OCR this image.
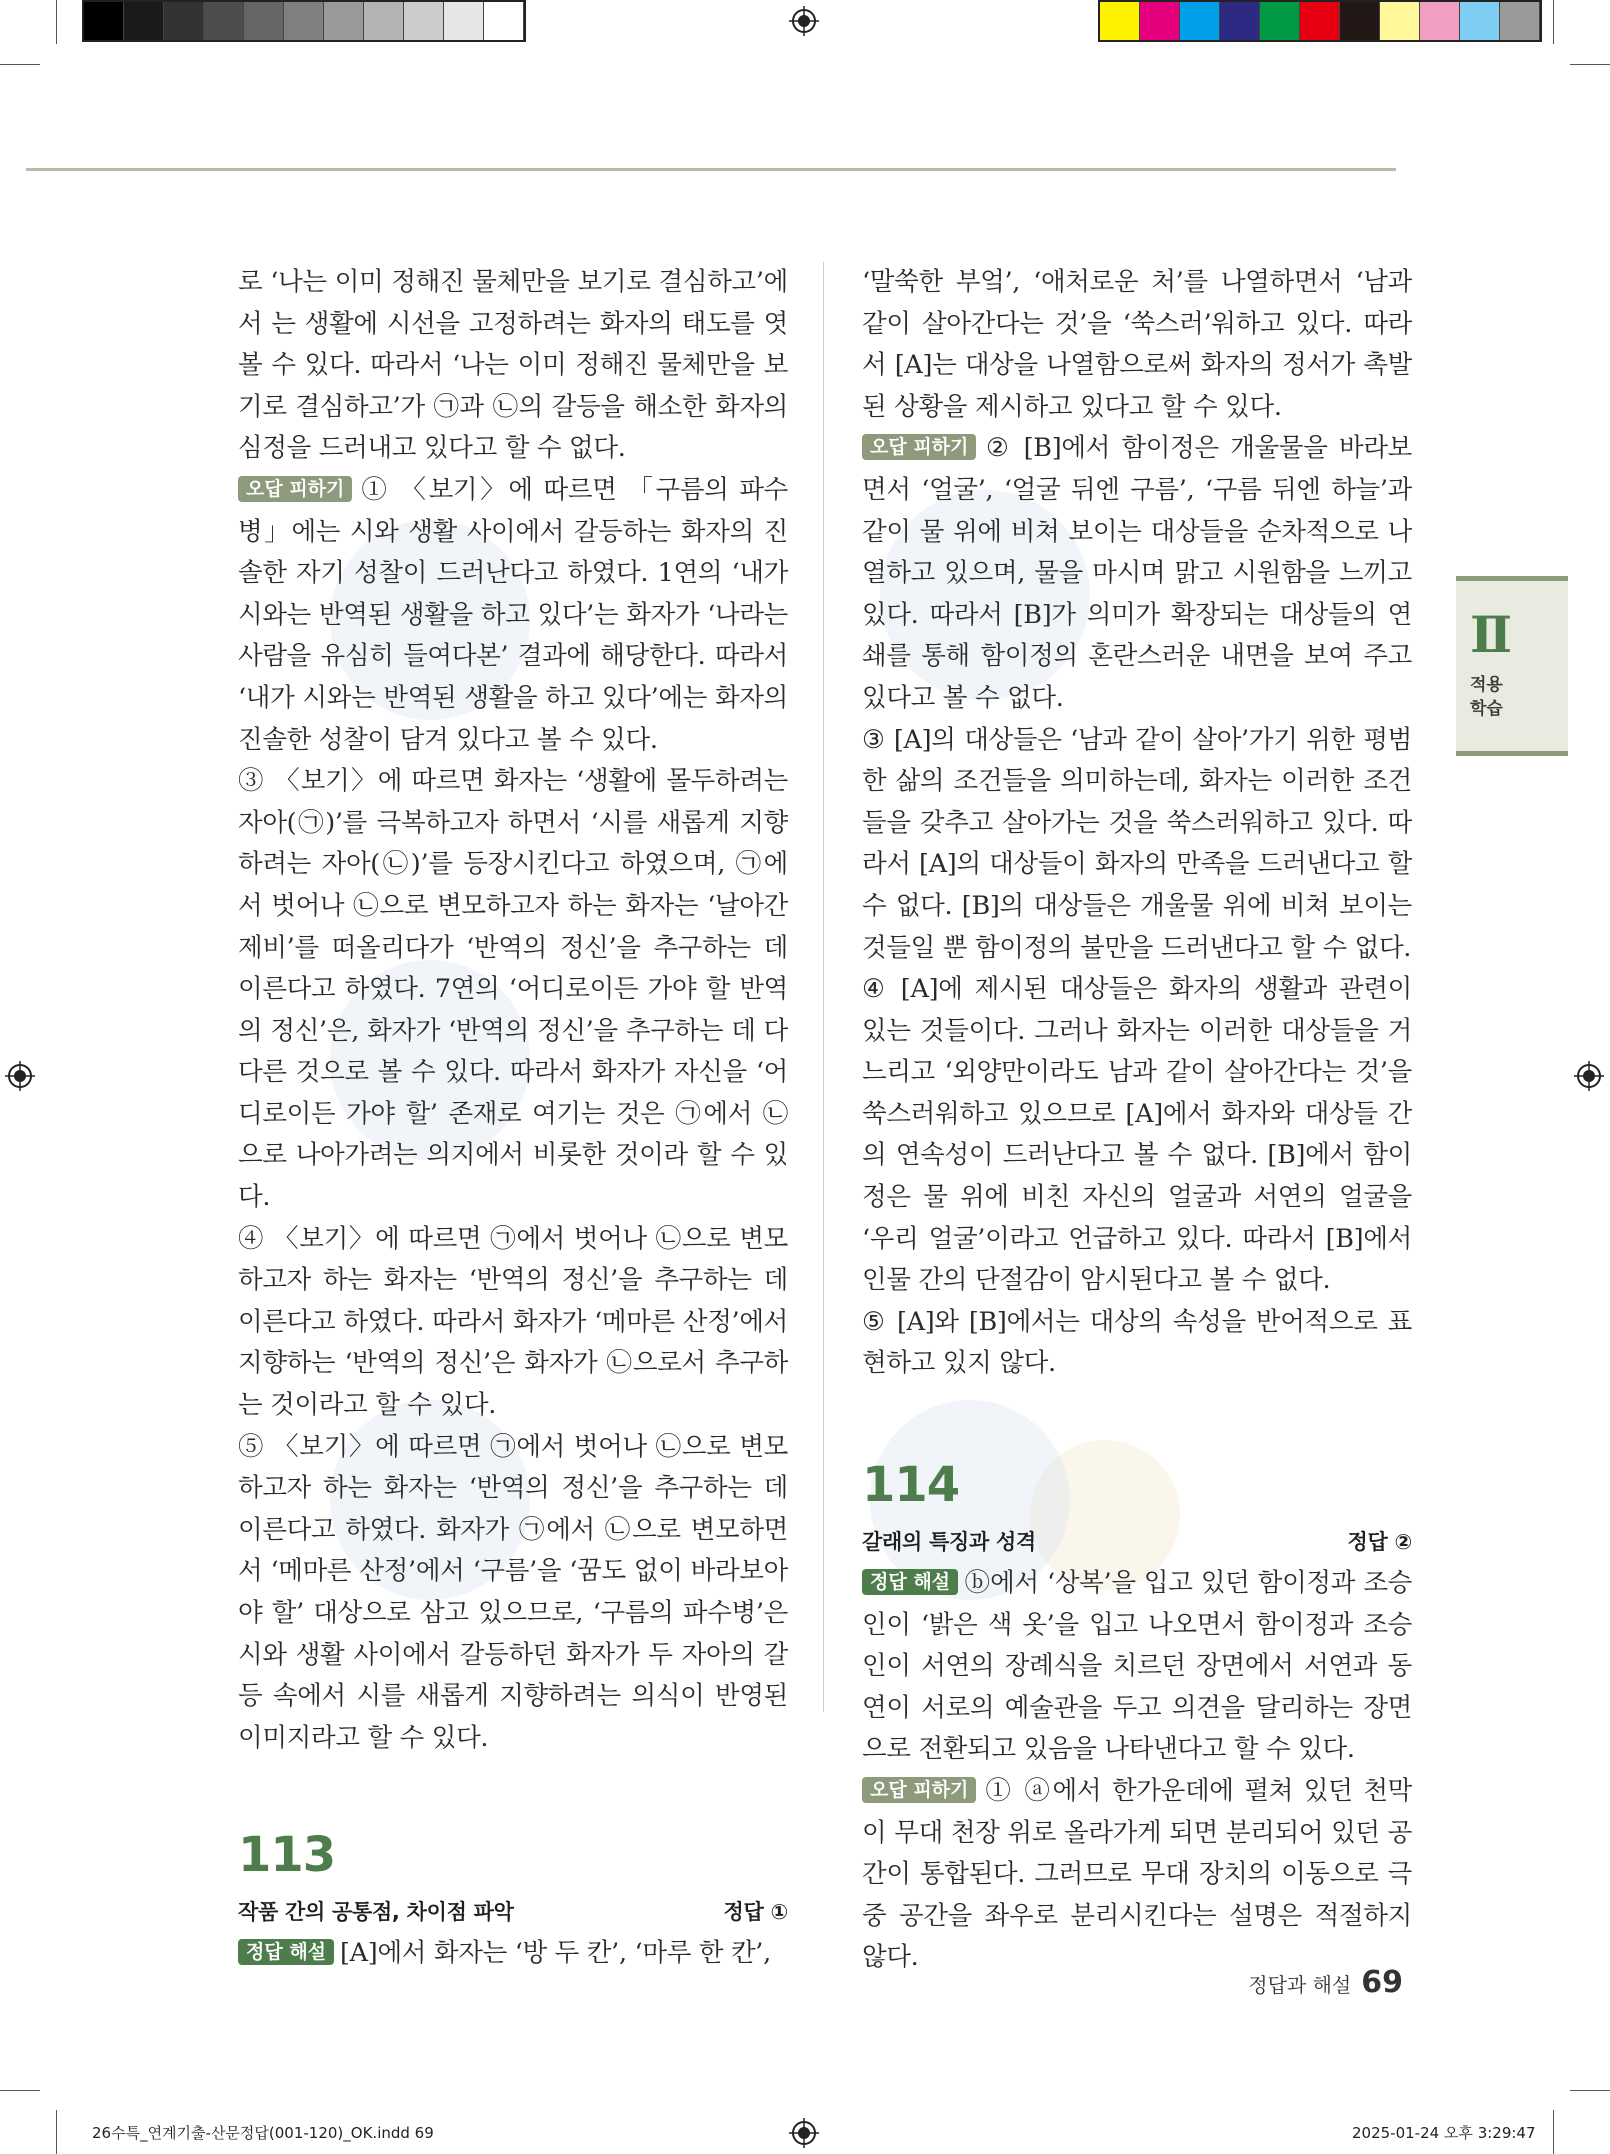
로 ‘나는 이미 정해진 물체만을 보기로 결심하고’에서 는 생활에 시선을 고정하려는 화자의 태도를 엿볼 수 있다. 따라서 ‘나는 이미 정해진 물체만을 보기로 결심하고’가 ㉠과 ㉡의 갈등을 해소한 화자의 심정을 드러내고 있다고 할 수 없다.

오답 피하기 ① 〈보기〉에 따르면 「구름의 파수병」에는 시와 생활 사이에서 갈등하는 화자의 진솔한 자기 성찰이 드러난다고 하였다. 1연의 ‘내가 시와는 반역된 생활을 하고 있다’는 화자가 ‘나라는 사람을 유심히 들여다본’ 결과에 해당한다. 따라서 ‘내가 시와는 반역된 생활을 하고 있다’에는 화자의 진솔한 성찰이 담겨 있다고 볼 수 있다.

③ 〈보기〉에 따르면 화자는 ‘생활에 몰두하려는 자아(㉠)’를 극복하고자 하면서 ‘시를 새롭게 지향하려는 자아(㉡)’를 등장시킨다고 하였으며, ㉠에서 벗어나 ㉡으로 변모하고자 하는 화자는 ‘날아간 제비’를 떠올리다가 ‘반역의 정신’을 추구하는 데 이른다고 하였다. 7연의 ‘어디로이든 가야 할 반역의 정신’은, 화자가 ‘반역의 정신’을 추구하는 데 다다른 것으로 볼 수 있다. 따라서 화자가 자신을 ‘어디로이든 가야 할’ 존재로 여기는 것은 ㉠에서 ㉡으로 나아가려는 의지에서 비롯한 것이라 할 수 있다.

④ 〈보기〉에 따르면 ㉠에서 벗어나 ㉡으로 변모하고자 하는 화자는 ‘반역의 정신’을 추구하는 데 이른다고 하였다. 따라서 화자가 ‘메마른 산정’에서 지향하는 ‘반역의 정신’은 화자가 ㉡으로서 추구하는 것이라고 할 수 있다.

⑤ 〈보기〉에 따르면 ㉠에서 벗어나 ㉡으로 변모하고자 하는 화자는 ‘반역의 정신’을 추구하는 데 이른다고 하였다. 화자가 ㉠에서 ㉡으로 변모하면서 ‘메마른 산정’에서 ‘구름’을 ‘꿈도 없이 바라보아야 할’ 대상으로 삼고 있으므로, ‘구름의 파수병’은 시와 생활 사이에서 갈등하던 화자가 두 자아의 갈등 속에서 시를 새롭게 지향하려는 의식이 반영된 이미지라고 할 수 있다.

113
작품 간의 공통점, 차이점 파악	정답 ①

정답 해설 [A]에서 화자는 ‘방 두 칸’, ‘마루 한 칸’,

‘말쑥한 부엌’, ‘애처로운 처’를 나열하면서 ‘남과 같이 살아간다는 것’을 ‘쑥스러’워하고 있다. 따라서 [A]는 대상을 나열함으로써 화자의 정서가 촉발된 상황을 제시하고 있다고 할 수 있다.

오답 피하기 ② [B]에서 함이정은 개울물을 바라보면서 ‘얼굴’, ‘얼굴 뒤엔 구름’, ‘구름 뒤엔 하늘’과 같이 물 위에 비쳐 보이는 대상들을 순차적으로 나열하고 있으며, 물을 마시며 맑고 시원함을 느끼고 있다. 따라서 [B]가 의미가 확장되는 대상들의 연쇄를 통해 함이정의 혼란스러운 내면을 보여 주고 있다고 볼 수 없다.

③ [A]의 대상들은 ‘남과 같이 살아’가기 위한 평범한 삶의 조건들을 의미하는데, 화자는 이러한 조건들을 갖추고 살아가는 것을 쑥스러워하고 있다. 따라서 [A]의 대상들이 화자의 만족을 드러낸다고 할 수 없다. [B]의 대상들은 개울물 위에 비쳐 보이는 것들일 뿐 함이정의 불만을 드러낸다고 할 수 없다.

④ [A]에 제시된 대상들은 화자의 생활과 관련이 있는 것들이다. 그러나 화자는 이러한 대상들을 거느리고 ‘외양만이라도 남과 같이 살아간다는 것’을 쑥스러워하고 있으므로 [A]에서 화자와 대상들 간의 연속성이 드러난다고 볼 수 없다. [B]에서 함이정은 물 위에 비친 자신의 얼굴과 서연의 얼굴을 ‘우리 얼굴’이라고 언급하고 있다. 따라서 [B]에서 인물 간의 단절감이 암시된다고 볼 수 없다.

⑤ [A]와 [B]에서는 대상의 속성을 반어적으로 표현하고 있지 않다.

114
갈래의 특징과 성격	정답 ②

정답 해설 ⓑ에서 ‘상복’을 입고 있던 함이정과 조승인이 ‘밝은 색 옷’을 입고 나오면서 함이정과 조승인이 서연의 장례식을 치르던 장면에서 서연과 동연이 서로의 예술관을 두고 의견을 달리하는 장면으로 전환되고 있음을 나타낸다고 할 수 있다.

오답 피하기 ① ⓐ에서 한가운데에 펼쳐 있던 천막이 무대 천장 위로 올라가게 되면 분리되어 있던 공간이 통합된다. 그러므로 무대 장치의 이동으로 극중 공간을 좌우로 분리시킨다는 설명은 적절하지 않다.

Ⅱ
적용
학습
정답과 해설 69
26수특_연계기출-산문정답(001-120)_OK.indd 69	2025-01-24 오후 3:29:47
